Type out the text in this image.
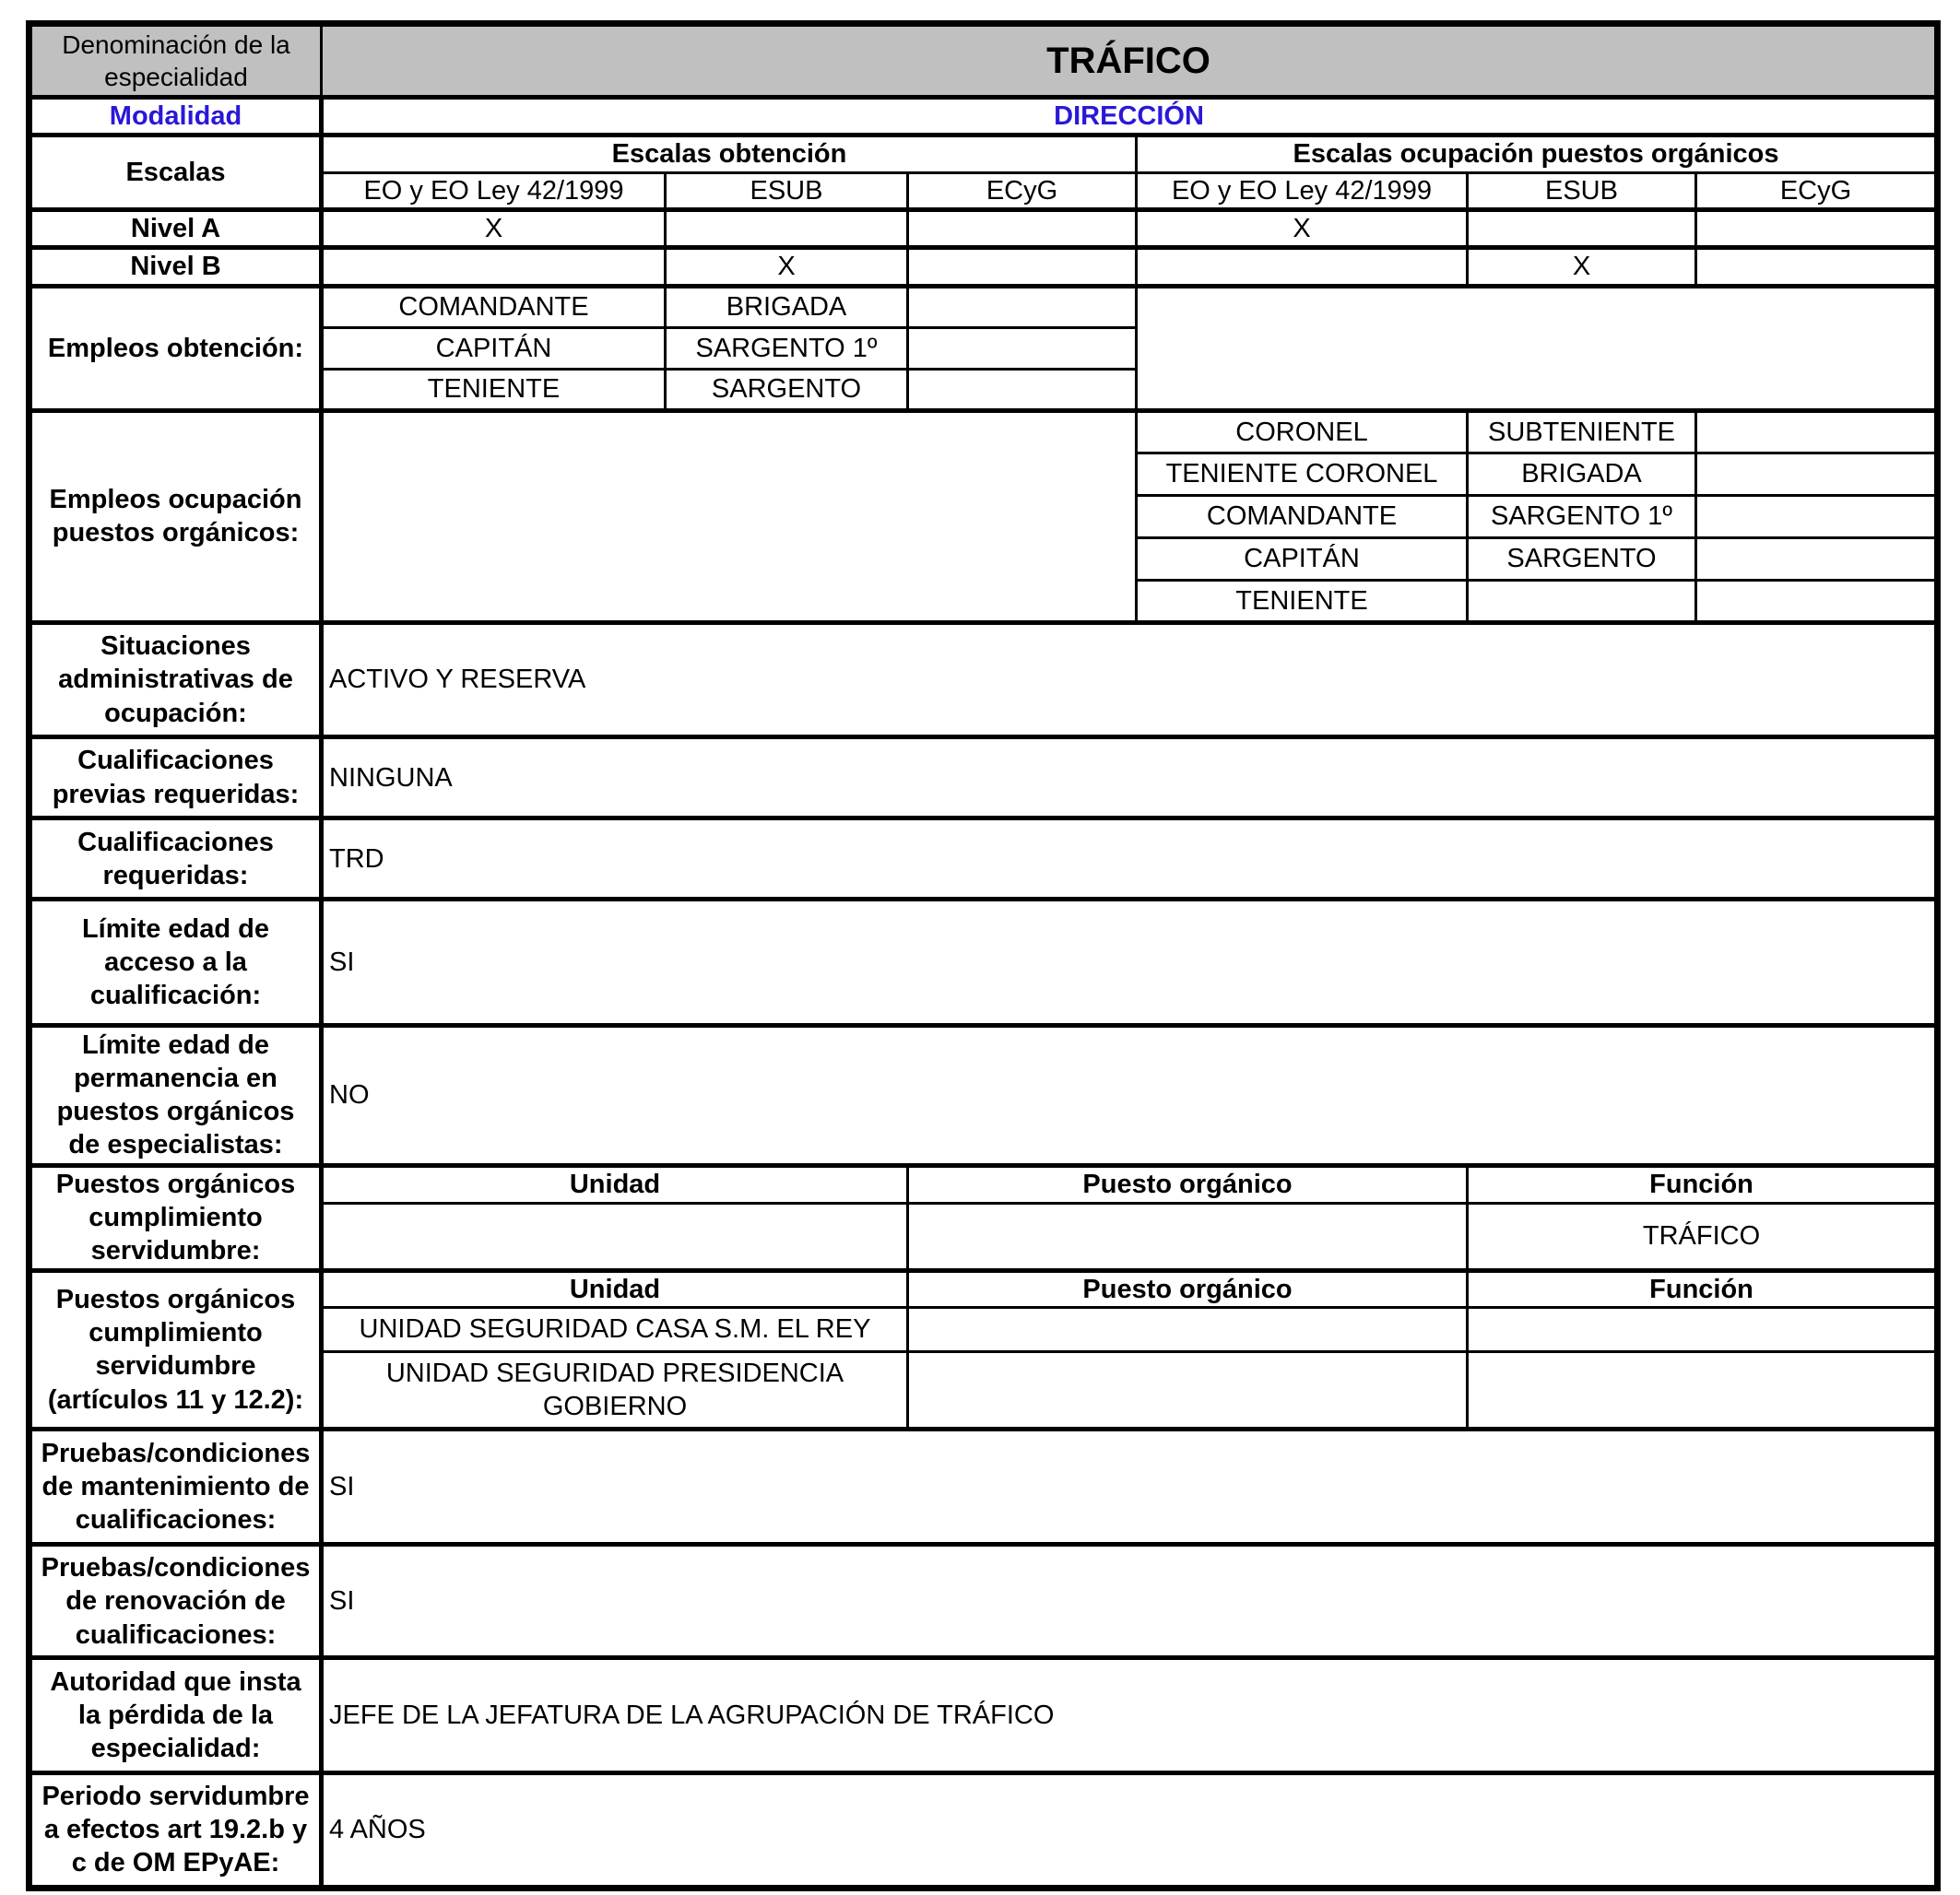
Denominación de la especialidad	TRÁFICO					
Modalidad	DIRECCIÓN					
Escalas	Escalas obtención			Escalas ocupación puestos orgánicos		
	EO y EO Ley 42/1999	ESUB	ECyG	EO y EO Ley 42/1999	ESUB	ECyG
Nivel A	X			X		
Nivel B		X			X	
Empleos obtención:	COMANDANTE	BRIGADA				
	CAPITÁN	SARGENTO 1º				
	TENIENTE	SARGENTO				
Empleos ocupación puestos orgánicos:				CORONEL	SUBTENIENTE	
				TENIENTE CORONEL	BRIGADA	
				COMANDANTE	SARGENTO 1º	
				CAPITÁN	SARGENTO	
				TENIENTE		
Situaciones administrativas de ocupación:	ACTIVO Y RESERVA					
Cualificaciones previas requeridas:	NINGUNA					
Cualificaciones requeridas:	TRD					
Límite edad de acceso a la cualificación:	SI					
Límite edad de permanencia en puestos orgánicos de especialistas:	NO					
Puestos orgánicos cumplimiento servidumbre:	Unidad		Puesto orgánico		Función	
					TRÁFICO	
Puestos orgánicos cumplimiento servidumbre (artículos 11 y 12.2):	Unidad		Puesto orgánico		Función	
	UNIDAD SEGURIDAD CASA S.M. EL REY					
	UNIDAD SEGURIDAD PRESIDENCIA GOBIERNO					
Pruebas/condiciones de mantenimiento de cualificaciones:	SI					
Pruebas/condiciones de renovación de cualificaciones:	SI					
Autoridad que insta la pérdida de la especialidad:	JEFE DE LA JEFATURA DE LA AGRUPACIÓN DE TRÁFICO					
Periodo servidumbre a efectos art 19.2.b y c de OM EPyAE:	4 AÑOS					
